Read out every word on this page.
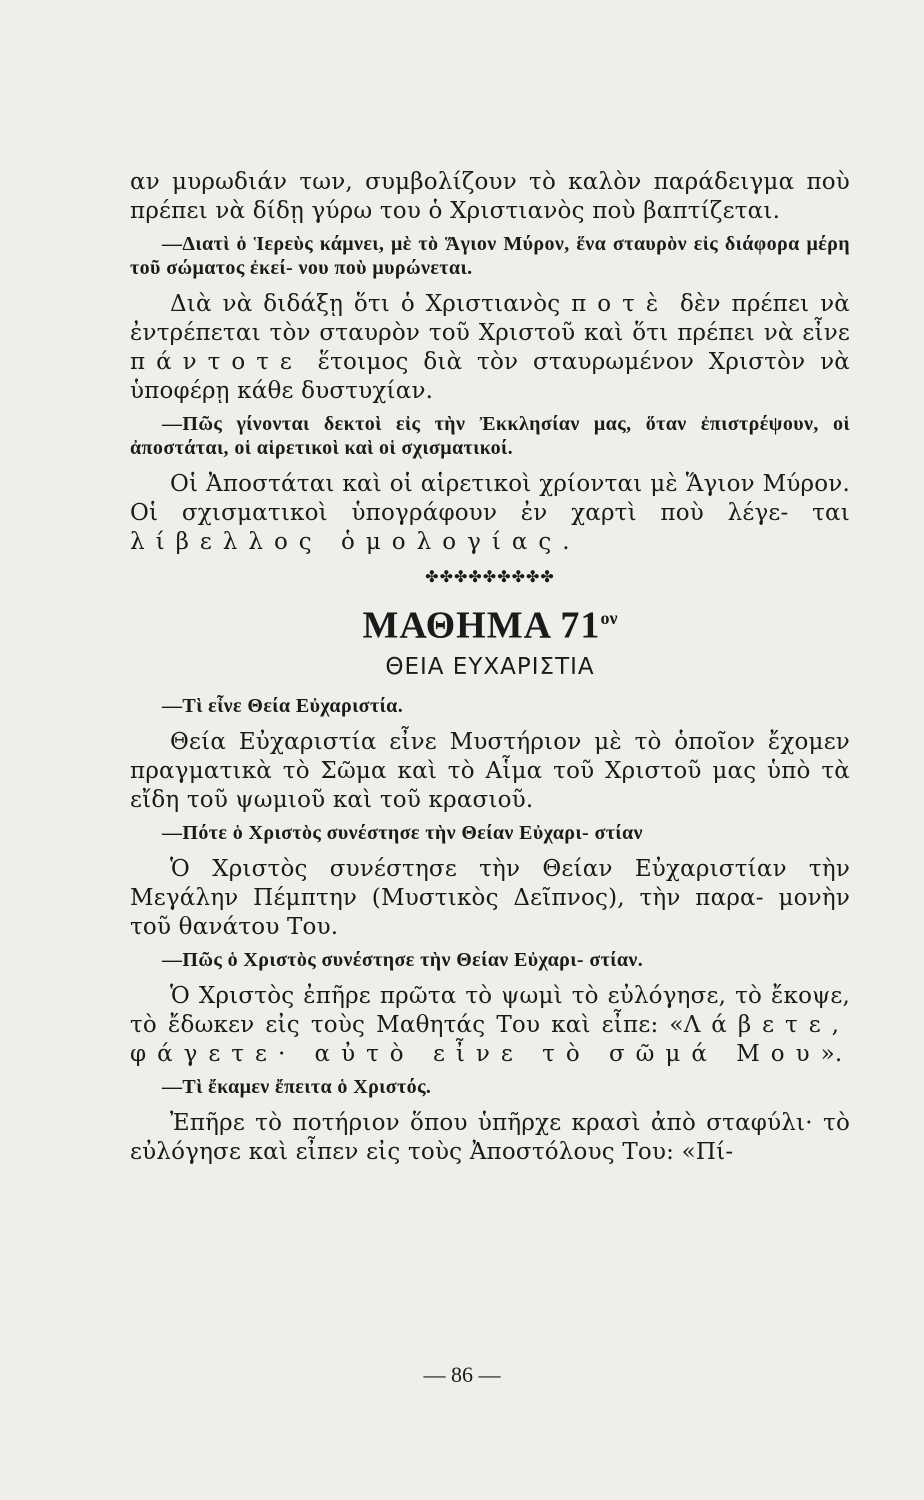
αν μυρωδιάν των, συμβολίζουν τὸ καλὸν παράδειγμα ποὺ πρέπει νὰ δίδῃ γύρω του ὁ Χριστιανὸς ποὺ βαπτίζεται.

—Διατὶ ὁ Ἱερεὺς κάμνει, μὲ τὸ Ἅγιον Μύρον, ἕνα σταυρὸν εἰς διάφορα μέρη τοῦ σώματος ἐκεί- νου ποὺ μυρώνεται.

Διὰ νὰ διδάξῃ ὅτι ὁ Χριστιανὸς ποτὲ δὲν πρέπει νὰ ἐντρέπεται τὸν σταυρὸν τοῦ Χριστοῦ καὶ ὅτι πρέπει νὰ εἶνε πάντοτε ἕτοιμος διὰ τὸν σταυρωμένον Χριστὸν νὰ ὑποφέρῃ κάθε δυστυχίαν.

—Πῶς γίνονται δεκτοὶ εἰς τὴν Ἐκκλησίαν μας, ὅταν ἐπιστρέψουν, οἱ ἀποστάται, οἱ αἱρετικοὶ καὶ οἱ σχισματικοί.

Οἱ Ἀποστάται καὶ οἱ αἱρετικοὶ χρίονται μὲ Ἅγιον Μύρον. Οἱ σχισματικοὶ ὑπογράφουν ἐν χαρτὶ ποὺ λέγε- ται λίβελλος ὁμολογίας.

✤✤✤✤✤✤✤✤✤
ΜΑΘΗΜΑ $71^{o\nu}$
ΘΕΙΑ ΕΥΧΑΡΙΣΤΙΑ

—Τὶ εἶνε Θεία Εὐχαριστία.

Θεία Εὐχαριστία εἶνε Μυστήριον μὲ τὸ ὁποῖον ἔχομεν πραγματικὰ τὸ Σῶμα καὶ τὸ Αἷμα τοῦ Χριστοῦ μας ὑπὸ τὰ εἴδη τοῦ ψωμιοῦ καὶ τοῦ κρασιοῦ.

—Πότε ὁ Χριστὸς συνέστησε τὴν Θείαν Εὐχαρι- στίαν

Ὁ Χριστὸς συνέστησε τὴν Θείαν Εὐχαριστίαν τὴν Μεγάλην Πέμπτην (Μυστικὸς Δεῖπνος), τὴν παρα- μονὴν τοῦ θανάτου Του.

—Πῶς ὁ Χριστὸς συνέστησε τὴν Θείαν Εὐχαρι- στίαν.

Ὁ Χριστὸς ἐπῆρε πρῶτα τὸ ψωμὶ τὸ εὐλόγησε, τὸ ἔκοψε, τὸ ἔδωκεν εἰς τοὺς Μαθητάς Του καὶ εἶπε: «Λάβετε, φάγετε· αὐτὸ εἶνε τὸ σῶμά Μου».

—Τὶ ἔκαμεν ἔπειτα ὁ Χριστός.

Ἐπῆρε τὸ ποτήριον ὅπου ὑπῆρχε κρασὶ ἀπὸ σταφύλι· τὸ εὐλόγησε καὶ εἶπεν εἰς τοὺς Ἀποστόλους Του: «Πί-

— 86 —
